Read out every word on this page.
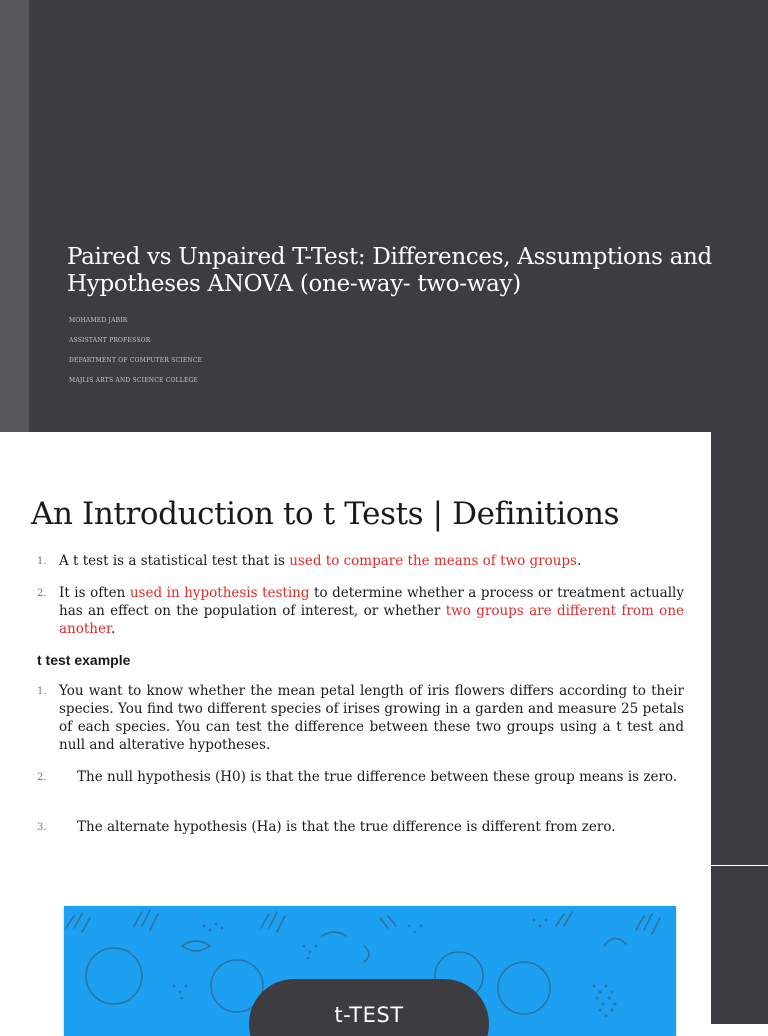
Paired vs Unpaired T-Test: Differences, Assumptions and Hypotheses ANOVA (one-way- two-way)
MOHAMED JABIR
ASSISTANT PROFESSOR
DEPARTMENT OF COMPUTER SCIENCE
MAJLIS ARTS AND SCIENCE COLLEGE
An Introduction to t Tests | Definitions
1. A t test is a statistical test that is used to compare the means of two groups.
2. It is often used in hypothesis testing to determine whether a process or treatment actually has an effect on the population of interest, or whether two groups are different from one another.
t test example
1. You want to know whether the mean petal length of iris flowers differs according to their species. You find two different species of irises growing in a garden and measure 25 petals of each species. You can test the difference between these two groups using a t test and null and alterative hypotheses.
2.	The null hypothesis (H0) is that the true difference between these group means is zero.
3.	The alternate hypothesis (Ha) is that the true difference is different from zero.
t-TEST
